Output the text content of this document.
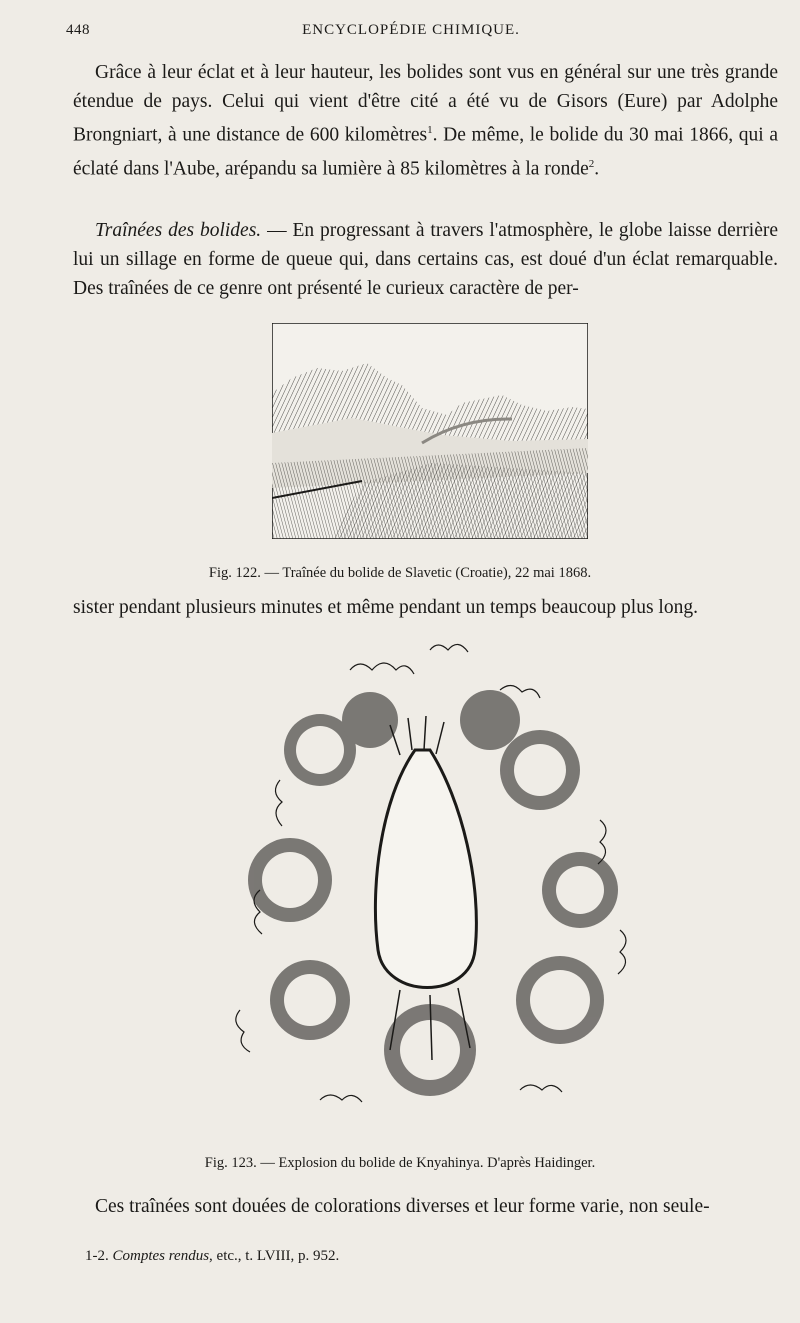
448	ENCYCLOPÉDIE CHIMIQUE.
Grâce à leur éclat et à leur hauteur, les bolides sont vus en général sur une très grande étendue de pays. Celui qui vient d'être cité a été vu de Gisors (Eure) par Adolphe Brongniart, à une distance de 600 kilomètres$^1$. De même, le bolide du 30 mai 1866, qui a éclaté dans l'Aube, arépandu sa lumière à 85 kilomètres à la ronde$^2$.
Traînées des bolides. — En progressant à travers l'atmosphère, le globe laisse derrière lui un sillage en forme de queue qui, dans certains cas, est doué d'un éclat remarquable. Des traînées de ce genre ont présenté le curieux caractère de per-
Fig. 122. — Traînée du bolide de Slavetic (Croatie), 22 mai 1868.
sister pendant plusieurs minutes et même pendant un temps beaucoup plus long.
Fig. 123. — Explosion du bolide de Knyahinya. D'après Haidinger.
Ces traînées sont douées de colorations diverses et leur forme varie, non seule-
1-2. Comptes rendus, etc., t. LVIII, p. 952.
